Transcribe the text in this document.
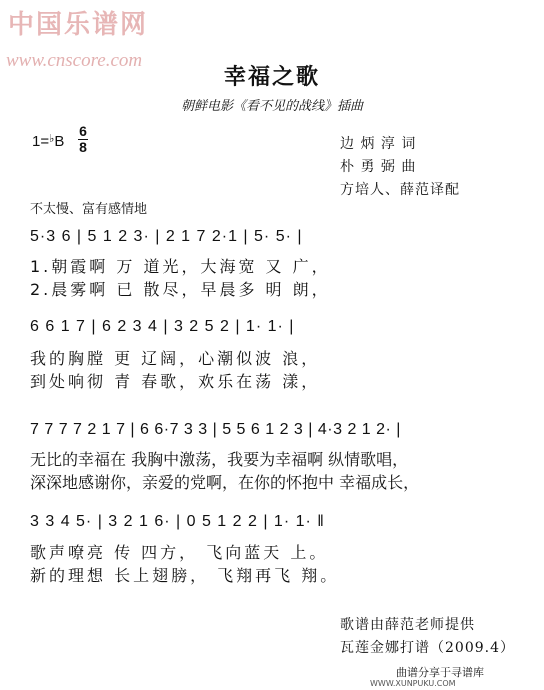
中国乐谱网
www.cnscore.com
幸福之歌
朝鲜电影《看不见的战线》插曲
1=♭B
6
8	边 炳 淳 词
朴 勇 弼 曲
方培人、薛范译配
不太慢、富有感情地
5·3 6 | 5 1 2 3· | 2 1 7 2·1 | 5· 5· |
1.朝霞啊 万 道光，大海宽 又 广，
2.晨雾啊 已 散尽，早晨多 明 朗，
6 6 1 7 | 6 2 3 4 | 3 2 5 2 | 1· 1· |
我的胸膛 更 辽阔，心潮似波 浪，
到处响彻 青 春歌，欢乐在荡 漾，
7 7 7 7 2 1 7 | 6 6·7 3 3 | 5 5 6 1 2 3 | 4·3 2 1 2· |
无比的幸福在 我胸中激荡，我要为幸福啊 纵情歌唱，
深深地感谢你，亲爱的党啊，在你的怀抱中 幸福成长，
3 3 4 5· | 3 2 1 6· | 0 5 1 2 2 | 1· 1· ‖
歌声嘹亮 传 四方， 飞向蓝天 上。
新的理想 长上翅膀， 飞翔再飞 翔。
歌谱由薛范老师提供
瓦莲金娜打谱（2009.4）
曲谱分享于寻谱库
WWW.XUNPUKU.COM
